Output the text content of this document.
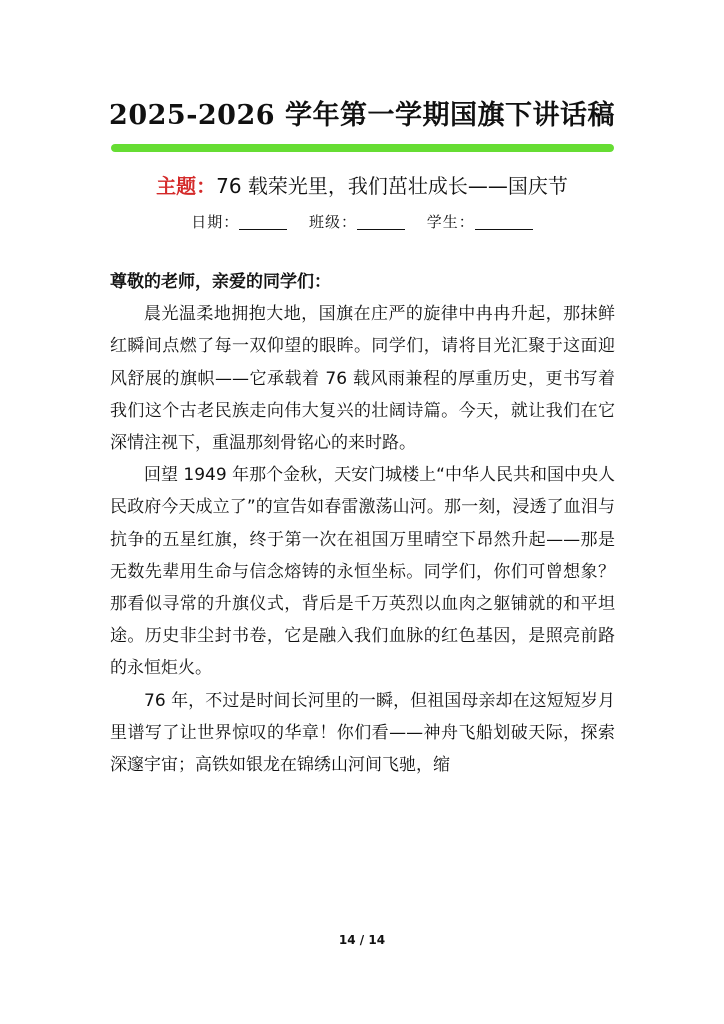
2025-2026 学年第一学期国旗下讲话稿
主题：76 载荣光里，我们茁壮成长——国庆节
日期：	班级：	学生：

尊敬的老师，亲爱的同学们：

晨光温柔地拥抱大地，国旗在庄严的旋律中冉冉升起，那抹鲜红瞬间点燃了每一双仰望的眼眸。同学们，请将目光汇聚于这面迎风舒展的旗帜——它承载着 76 载风雨兼程的厚重历史，更书写着我们这个古老民族走向伟大复兴的壮阔诗篇。今天，就让我们在它深情注视下，重温那刻骨铭心的来时路。

回望 1949 年那个金秋，天安门城楼上“中华人民共和国中央人民政府今天成立了”的宣告如春雷激荡山河。那一刻，浸透了血泪与抗争的五星红旗，终于第一次在祖国万里晴空下昂然升起——那是无数先辈用生命与信念熔铸的永恒坐标。同学们，你们可曾想象？那看似寻常的升旗仪式，背后是千万英烈以血肉之躯铺就的和平坦途。历史非尘封书卷，它是融入我们血脉的红色基因，是照亮前路的永恒炬火。

76 年，不过是时间长河里的一瞬，但祖国母亲却在这短短岁月里谱写了让世界惊叹的华章！你们看——神舟飞船划破天际，探索深邃宇宙；高铁如银龙在锦绣山河间飞驰，缩

14 / 14
